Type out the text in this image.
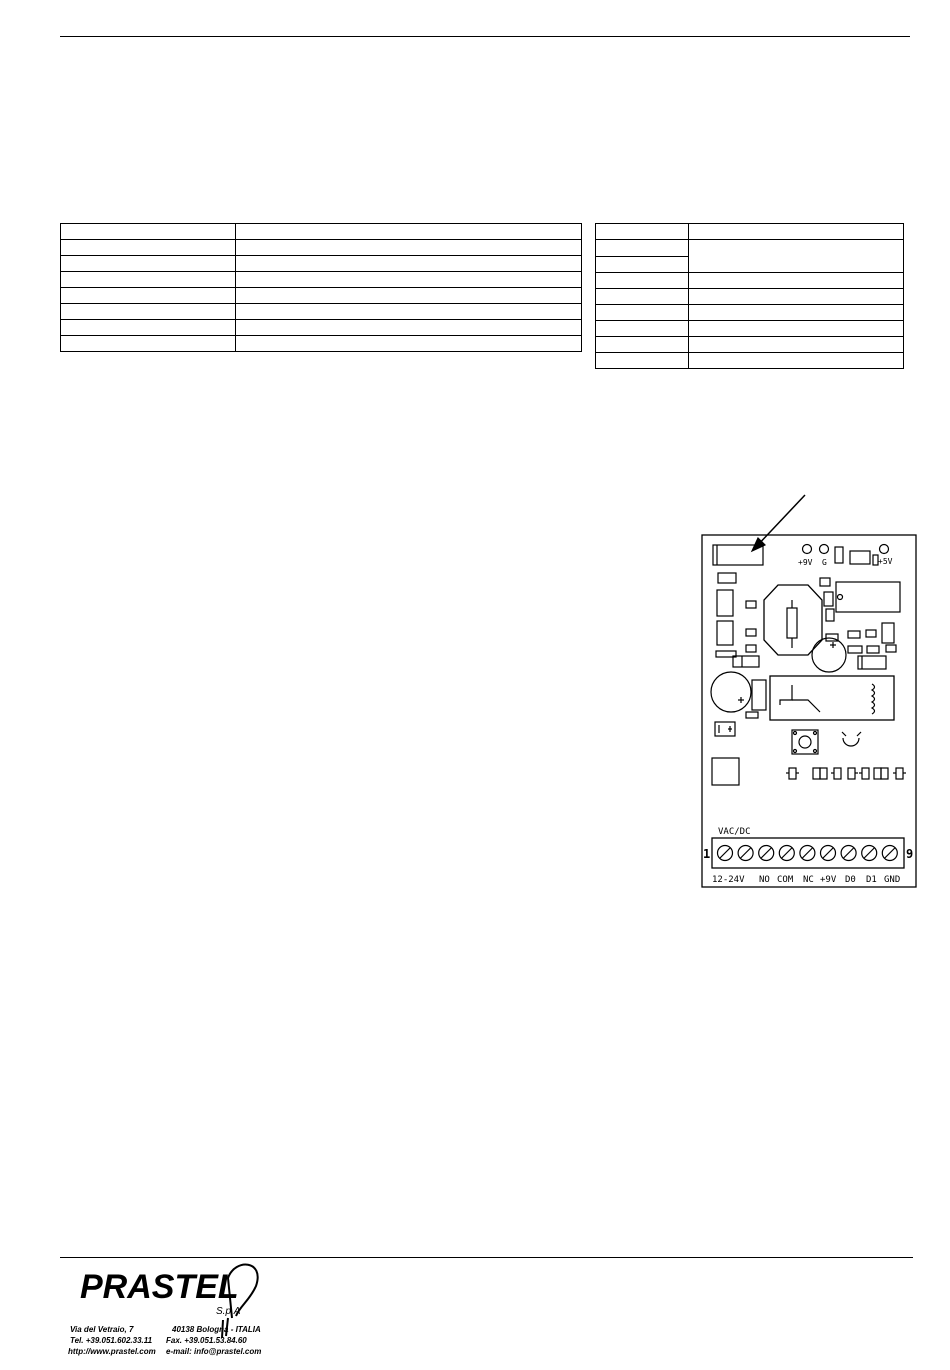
+9V G	+5V
VAC/DC
1	9
12-24V NO COM NC +9V D0 D1 GND
PRASTEL
S.p.A
Via del Vetraio, 7	40138 Bologna - ITALIA
Tel. +39.051.602.33.11 Fax. +39.051.53.84.60
http://www.prastel.com e-mail: info@prastel.com
